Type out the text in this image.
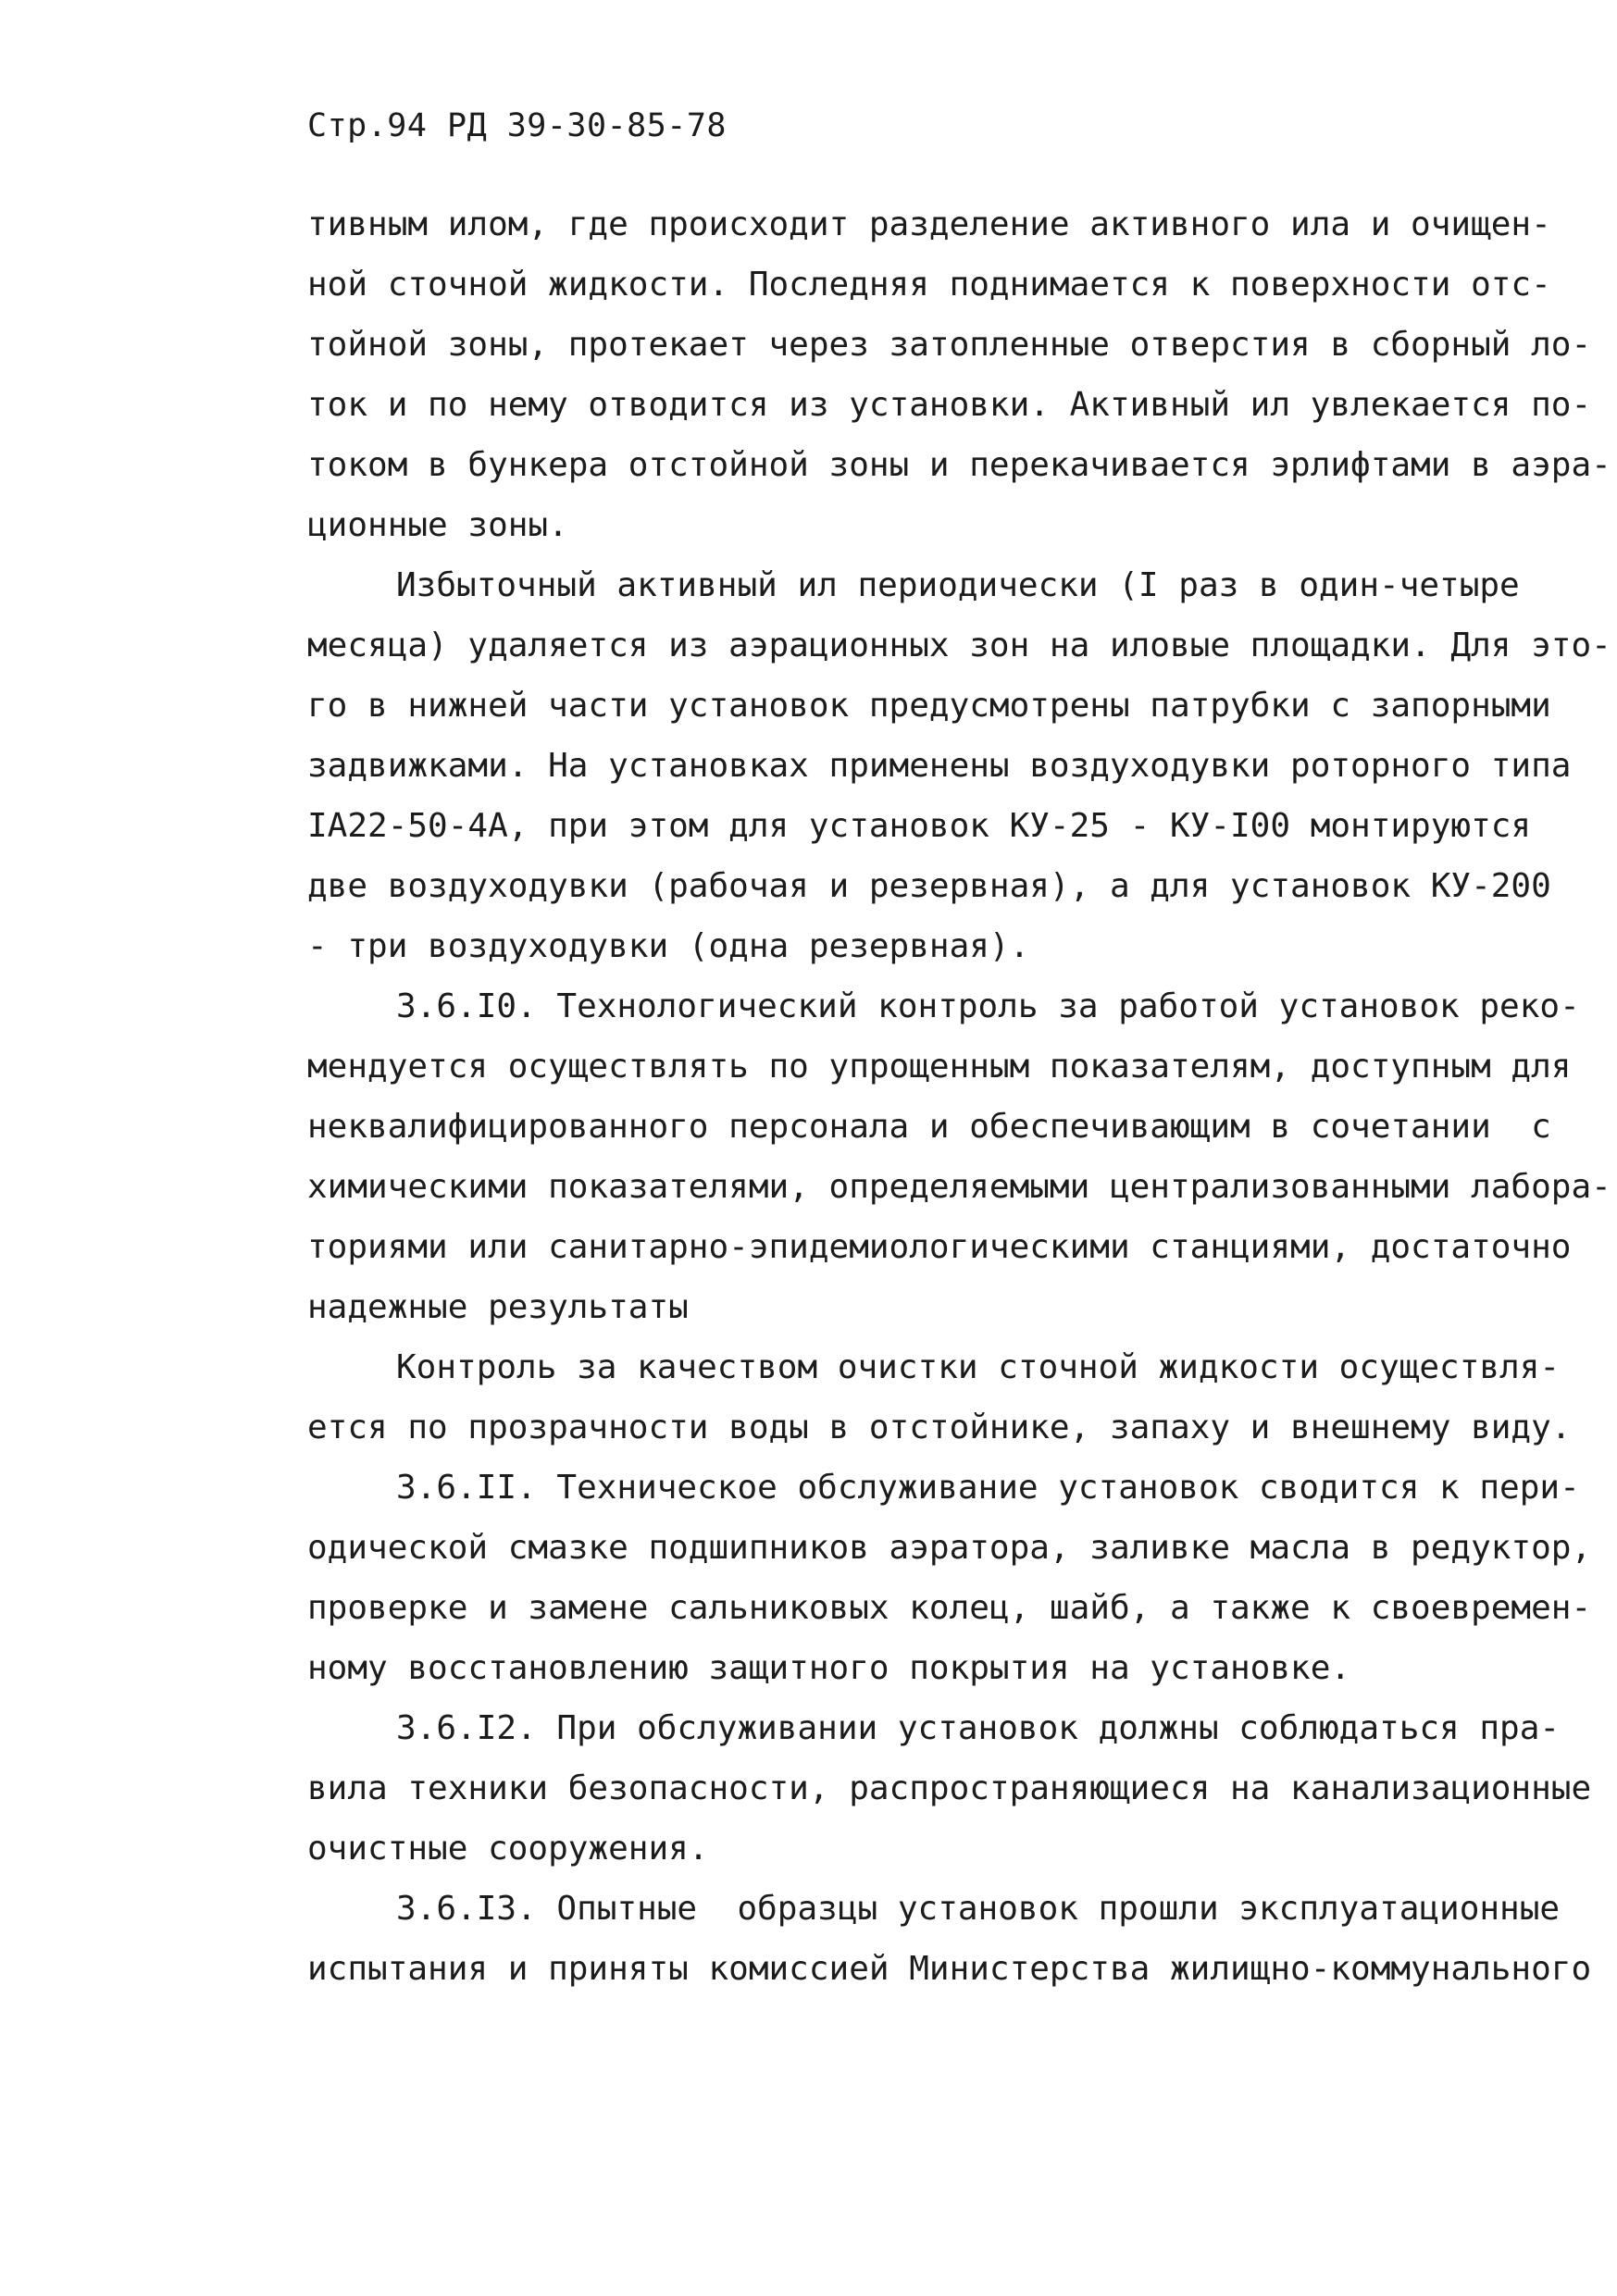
Стр.94 РД 39-30-85-78
тивным илом, где происходит разделение активного ила и очищен-
ной сточной жидкости. Последняя поднимается к поверхности отс-
тойной зоны, протекает через затопленные отверстия в сборный ло-
ток и по нему отводится из установки. Активный ил увлекается по-
током в бункера отстойной зоны и перекачивается эрлифтами в аэра-
ционные зоны.
Избыточный активный ил периодически (I раз в один-четыре
месяца) удаляется из аэрационных зон на иловые площадки. Для это-
го в нижней части установок предусмотрены патрубки с запорными
задвижками. На установках применены воздуходувки роторного типа
IA22-50-4A, при этом для установок КУ-25 - КУ-I00 монтируются
две воздуходувки (рабочая и резервная), а для установок КУ-200
- три воздуходувки (одна резервная).
3.6.I0. Технологический контроль за работой установок реко-
мендуется осуществлять по упрощенным показателям, доступным для
неквалифицированного персонала и обеспечивающим в сочетании  с
химическими показателями, определяемыми централизованными лабора-
ториями или санитарно-эпидемиологическими станциями, достаточно
надежные результаты
Контроль за качеством очистки сточной жидкости осуществля-
ется по прозрачности воды в отстойнике, запаху и внешнему виду.
3.6.II. Техническое обслуживание установок сводится к пери-
одической смазке подшипников аэратора, заливке масла в редуктор,
проверке и замене сальниковых колец, шайб, а также к своевремен-
ному восстановлению защитного покрытия на установке.
3.6.I2. При обслуживании установок должны соблюдаться пра-
вила техники безопасности, распространяющиеся на канализационные
очистные сооружения.
3.6.I3. Опытные  образцы установок прошли эксплуатационные
испытания и приняты комиссией Министерства жилищно-коммунального
